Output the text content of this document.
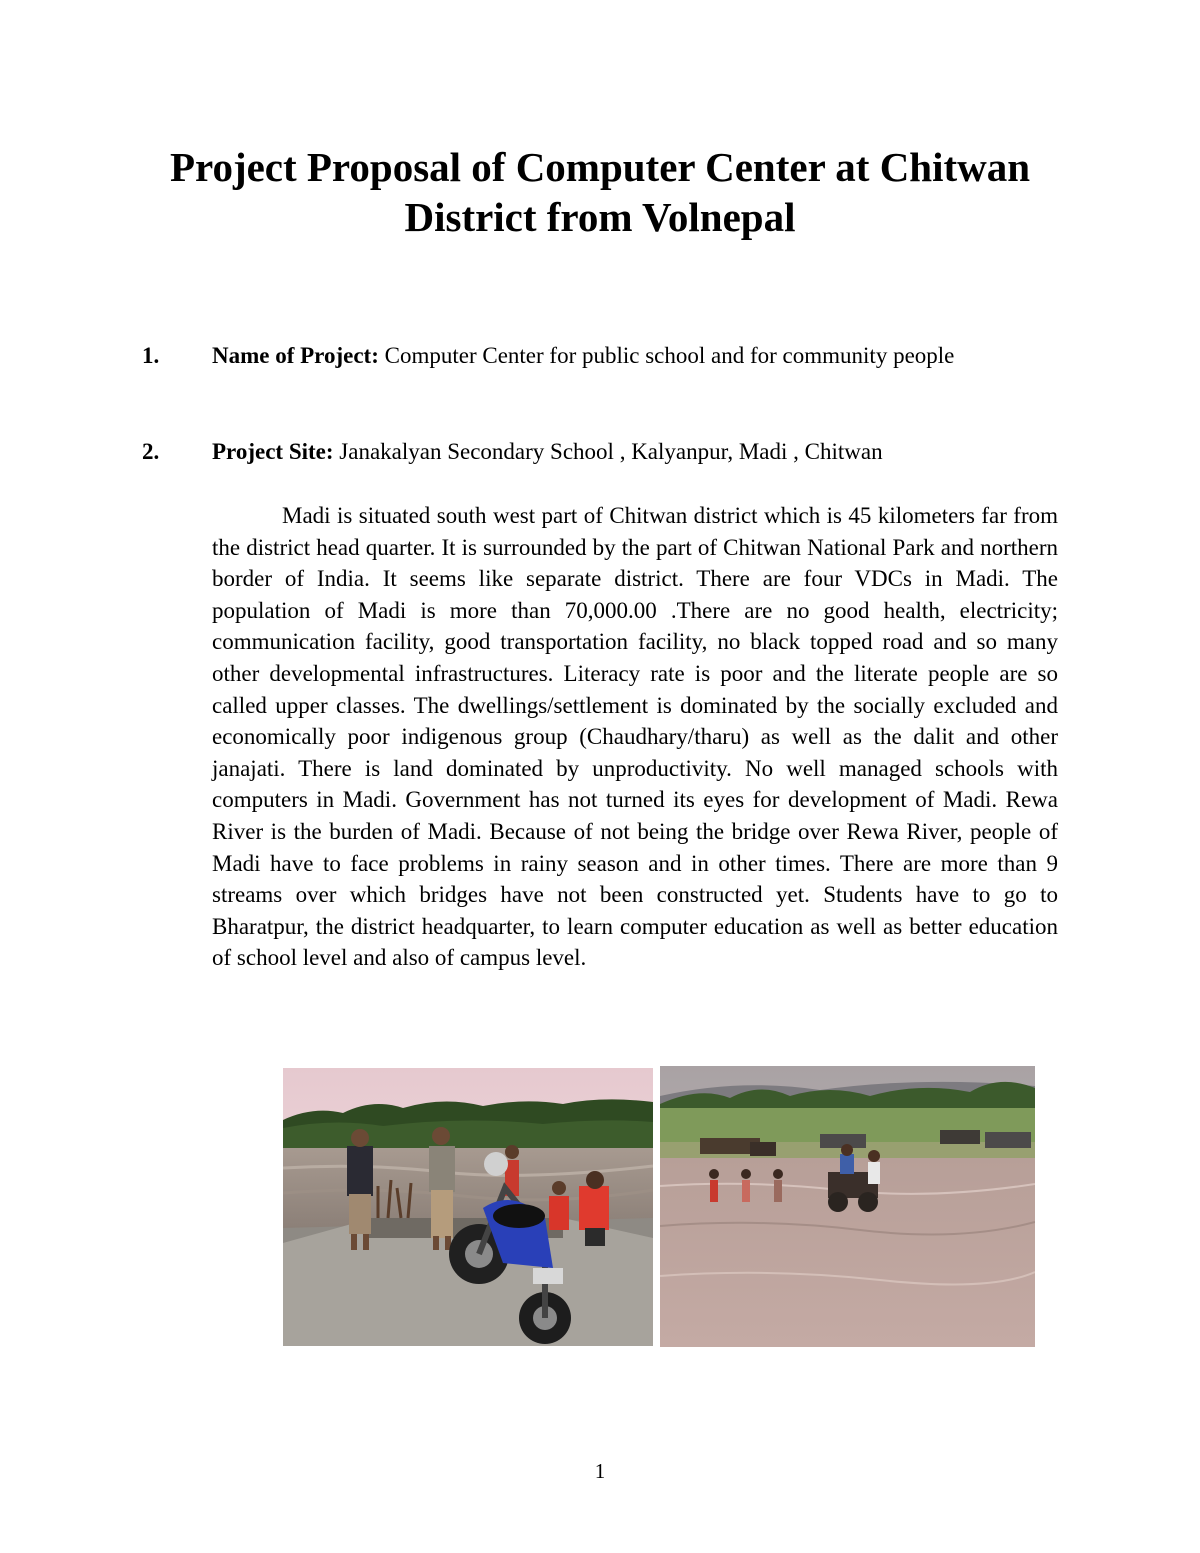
Project Proposal of Computer Center at Chitwan
District from Volnepal
1. Name of Project: Computer Center for public school and for community people
2. Project Site: Janakalyan Secondary School , Kalyanpur, Madi , Chitwan
Madi is situated south west part of Chitwan district which is 45 kilometers far from the district head quarter. It is surrounded by the part of Chitwan National Park and northern border of India. It seems like separate district. There are four VDCs in Madi. The population of Madi is more than 70,000.00 .There are no good health, electricity; communication facility, good transportation facility, no black topped road and so many other developmental infrastructures. Literacy rate is poor and the literate people are so called upper classes. The dwellings/settlement is dominated by the socially excluded and economically poor indigenous group (Chaudhary/tharu) as well as the dalit and other janajati. There is land dominated by unproductivity. No well managed schools with computers in Madi. Government has not turned its eyes for development of Madi. Rewa River is the burden of Madi. Because of not being the bridge over Rewa River, people of Madi have to face problems in rainy season and in other times. There are more than 9 streams over which bridges have not been constructed yet. Students have to go to Bharatpur, the district headquarter, to learn computer education as well as better education of school level and also of campus level.
1
